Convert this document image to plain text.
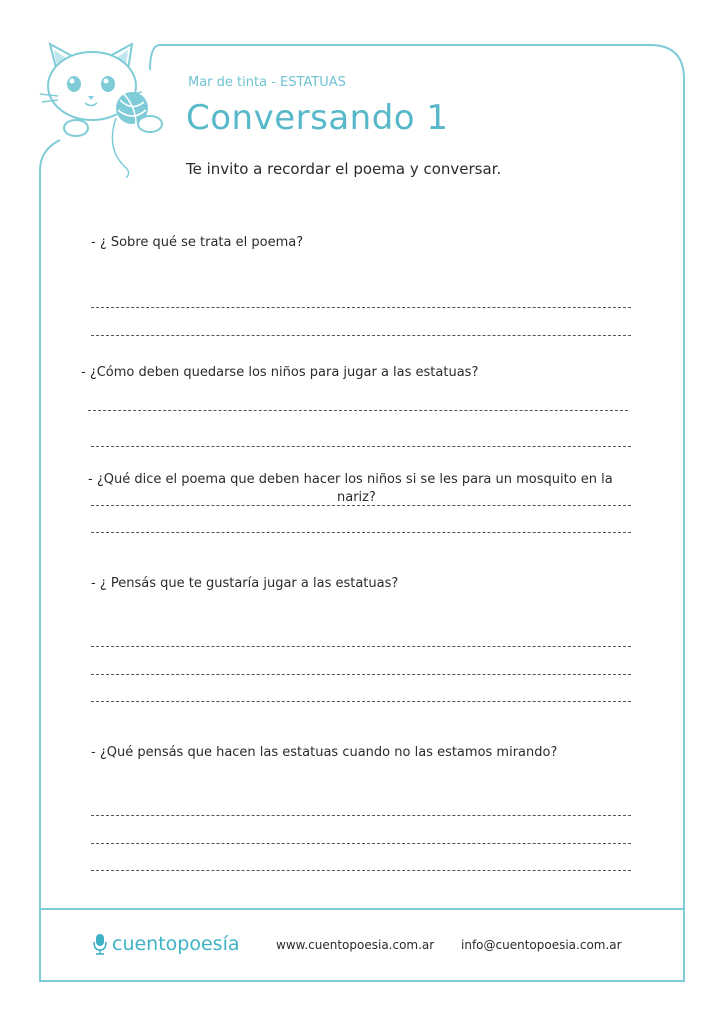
Mar de tinta - ESTATUAS
Conversando 1
Te invito a recordar el poema y conversar.
- ¿ Sobre qué se trata el poema?
- ¿Cómo deben quedarse los niños para jugar a las estatuas?
- ¿Qué dice el poema que deben hacer los niños si se les para un mosquito en la
nariz?
- ¿ Pensás que te gustaría jugar a las estatuas?
- ¿Qué pensás que hacen las estatuas cuando no las estamos mirando?
cuentopoesía	www.cuentopoesia.com.ar info@cuentopoesia.com.ar
